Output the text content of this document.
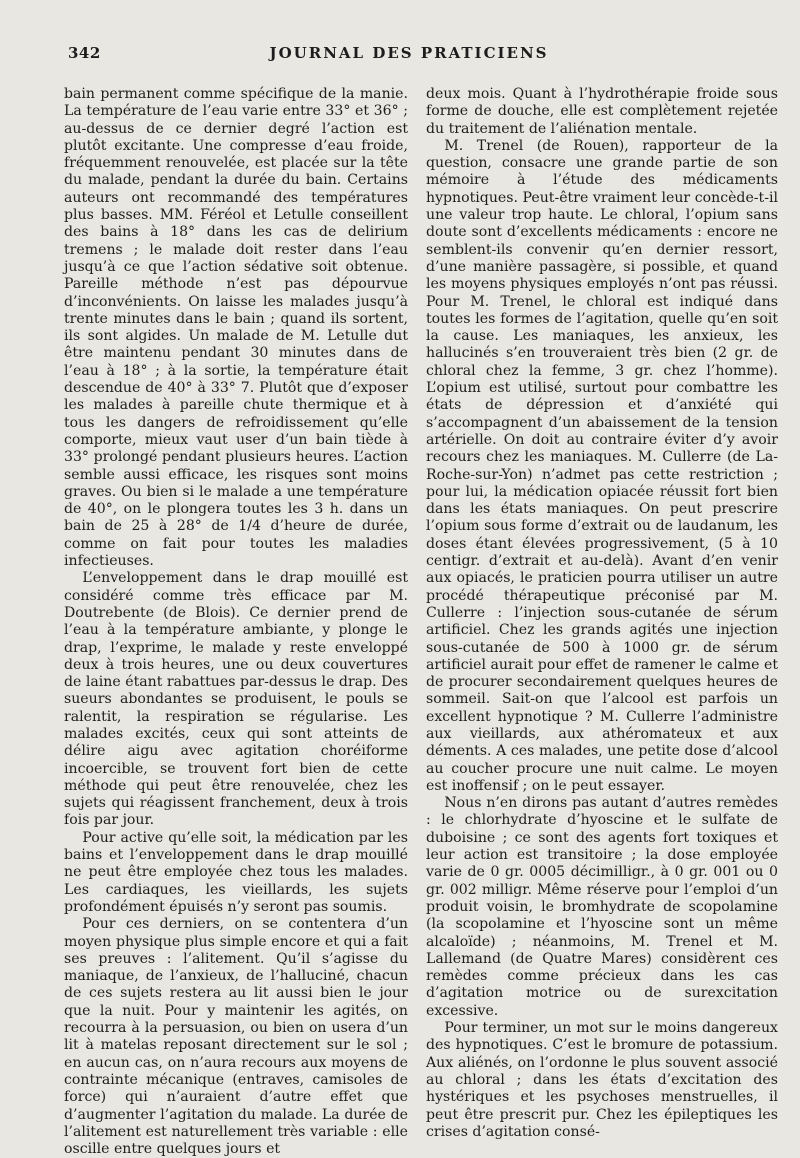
342	JOURNAL DES PRATICIENS

bain permanent comme spécifique de la manie. La température de l’eau varie entre 33° et 36° ; au-dessus de ce dernier degré l’action est plutôt excitante. Une compresse d’eau froide, fréquemment renouvelée, est placée sur la tête du malade, pendant la durée du bain. Certains auteurs ont recommandé des températures plus basses. MM. Féréol et Letulle conseillent des bains à 18° dans les cas de delirium tremens ; le malade doit rester dans l’eau jusqu’à ce que l’action sédative soit obtenue. Pareille méthode n’est pas dépourvue d’inconvénients. On laisse les malades jusqu’à trente minutes dans le bain ; quand ils sortent, ils sont algides. Un malade de M. Letulle dut être maintenu pendant 30 minutes dans de l’eau à 18° ; à la sortie, la température était descendue de 40° à 33° 7. Plutôt que d’exposer les malades à pareille chute thermique et à tous les dangers de refroidissement qu’elle comporte, mieux vaut user d’un bain tiède à 33° prolongé pendant plusieurs heures. L’action semble aussi efficace, les risques sont moins graves. Ou bien si le malade a une température de 40°, on le plongera toutes les 3 h. dans un bain de 25 à 28° de 1/4 d’heure de durée, comme on fait pour toutes les maladies infectieuses.

L’enveloppement dans le drap mouillé est considéré comme très efficace par M. Doutrebente (de Blois). Ce dernier prend de l’eau à la température ambiante, y plonge le drap, l’exprime, le malade y reste enveloppé deux à trois heures, une ou deux couvertures de laine étant rabattues par-dessus le drap. Des sueurs abondantes se produisent, le pouls se ralentit, la respiration se régularise. Les malades excités, ceux qui sont atteints de délire aigu avec agitation choréiforme incoercible, se trouvent fort bien de cette méthode qui peut être renouvelée, chez les sujets qui réagissent franchement, deux à trois fois par jour.

Pour active qu’elle soit, la médication par les bains et l’enveloppement dans le drap mouillé ne peut être employée chez tous les malades. Les cardiaques, les vieillards, les sujets profondément épuisés n’y seront pas soumis.

Pour ces derniers, on se contentera d’un moyen physique plus simple encore et qui a fait ses preuves : l’alitement. Qu’il s’agisse du maniaque, de l’anxieux, de l’halluciné, chacun de ces sujets restera au lit aussi bien le jour que la nuit. Pour y maintenir les agités, on recourra à la persuasion, ou bien on usera d’un lit à matelas reposant directement sur le sol ; en aucun cas, on n’aura recours aux moyens de contrainte mécanique (entraves, camisoles de force) qui n’auraient d’autre effet que d’augmenter l’agitation du malade. La durée de l’alitement est naturellement très variable : elle oscille entre quelques jours et

deux mois. Quant à l’hydrothérapie froide sous forme de douche, elle est complètement rejetée du traitement de l’aliénation mentale.

M. Trenel (de Rouen), rapporteur de la question, consacre une grande partie de son mémoire à l’étude des médicaments hypnotiques. Peut-être vraiment leur concède-t-il une valeur trop haute. Le chloral, l’opium sans doute sont d’excellents médicaments : encore ne semblent-ils convenir qu’en dernier ressort, d’une manière passagère, si possible, et quand les moyens physiques employés n’ont pas réussi. Pour M. Trenel, le chloral est indiqué dans toutes les formes de l’agitation, quelle qu’en soit la cause. Les maniaques, les anxieux, les hallucinés s’en trouveraient très bien (2 gr. de chloral chez la femme, 3 gr. chez l’homme). L’opium est utilisé, surtout pour combattre les états de dépression et d’anxiété qui s’accompagnent d’un abaissement de la tension artérielle. On doit au contraire éviter d’y avoir recours chez les maniaques. M. Cullerre (de La-Roche-sur-Yon) n’admet pas cette restriction ; pour lui, la médication opiacée réussit fort bien dans les états maniaques. On peut prescrire l’opium sous forme d’extrait ou de laudanum, les doses étant élevées progressivement, (5 à 10 centigr. d’extrait et au-delà). Avant d’en venir aux opiacés, le praticien pourra utiliser un autre procédé thérapeutique préconisé par M. Cullerre : l’injection sous-cutanée de sérum artificiel. Chez les grands agités une injection sous-cutanée de 500 à 1000 gr. de sérum artificiel aurait pour effet de ramener le calme et de procurer secondairement quelques heures de sommeil. Sait-on que l’alcool est parfois un excellent hypnotique ? M. Cullerre l’administre aux vieillards, aux athéromateux et aux déments. A ces malades, une petite dose d’alcool au coucher procure une nuit calme. Le moyen est inoffensif ; on le peut essayer.

Nous n’en dirons pas autant d’autres remèdes : le chlorhydrate d’hyoscine et le sulfate de duboisine ; ce sont des agents fort toxiques et leur action est transitoire ; la dose employée varie de 0 gr. 0005 décimilligr., à 0 gr. 001 ou 0 gr. 002 milligr. Même réserve pour l’emploi d’un produit voisin, le bromhydrate de scopolamine (la scopolamine et l’hyoscine sont un même alcaloïde) ; néanmoins, M. Trenel et M. Lallemand (de Quatre Mares) considèrent ces remèdes comme précieux dans les cas d’agitation motrice ou de surexcitation excessive.

Pour terminer, un mot sur le moins dangereux des hypnotiques. C’est le bromure de potassium. Aux aliénés, on l’ordonne le plus souvent associé au chloral ; dans les états d’excitation des hystériques et les psychoses menstruelles, il peut être prescrit pur. Chez les épileptiques les crises d’agitation consé-
